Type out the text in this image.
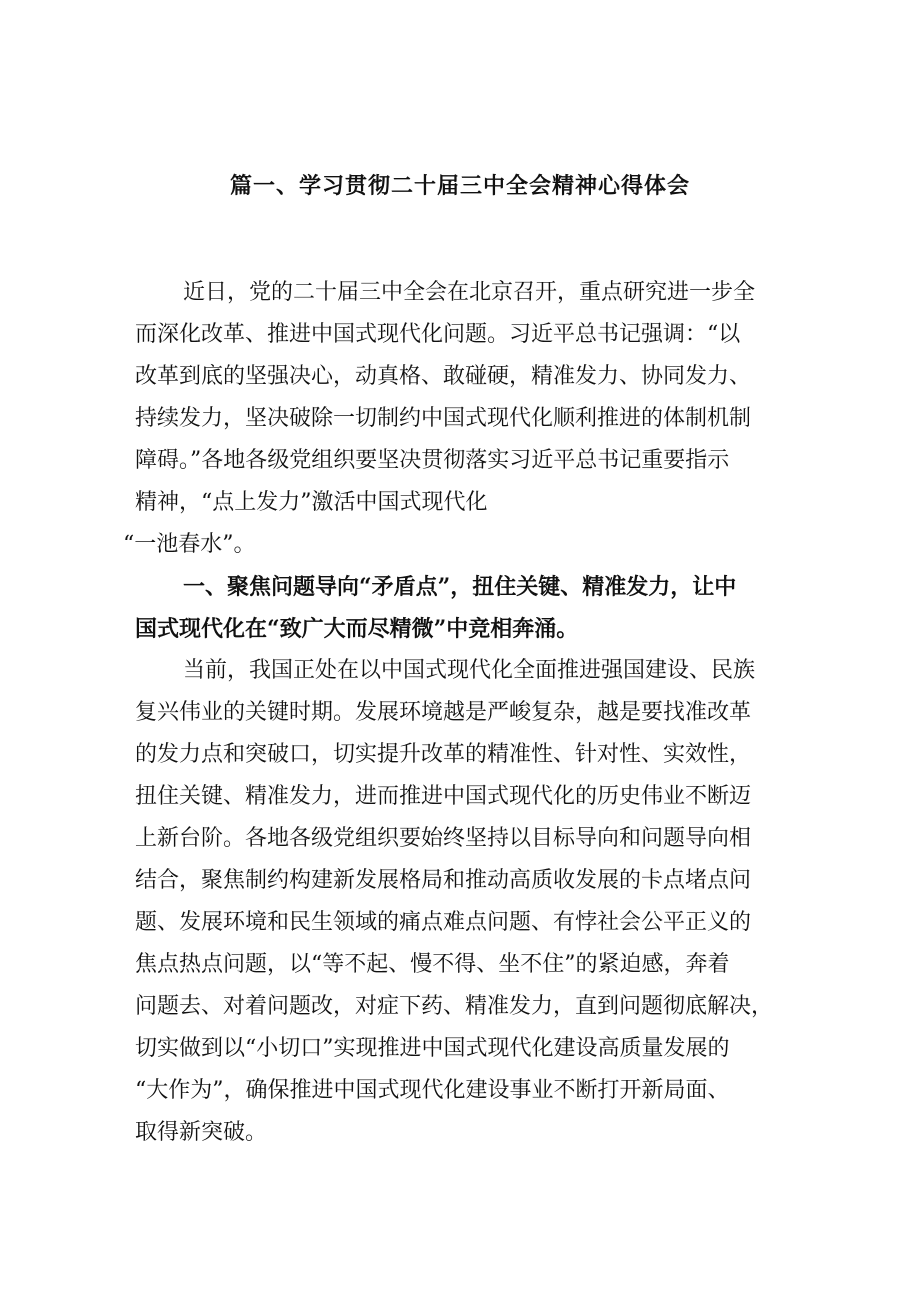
篇一、学习贯彻二十届三中全会精神心得体会
近日，党的二十届三中全会在北京召开，重点研究进一步全
而深化改革、推进中国式现代化问题。习近平总书记强调：“以
改革到底的坚强决心，动真格、敢碰硬，精准发力、协同发力、
持续发力，坚决破除一切制约中国式现代化顺利推进的体制机制
障碍。”各地各级党组织要坚决贯彻落实习近平总书记重要指示
精神，“点上发力”激活中国式现代化
“一池春水”。
一、聚焦问题导向“矛盾点”，扭住关键、精准发力，让中
国式现代化在“致广大而尽精微”中竞相奔涌。
当前，我国正处在以中国式现代化全面推进强国建设、民族
复兴伟业的关键时期。发展环境越是严峻复杂，越是要找准改革
的发力点和突破口，切实提升改革的精准性、针对性、实效性，
扭住关键、精准发力，进而推进中国式现代化的历史伟业不断迈
上新台阶。各地各级党组织要始终坚持以目标导向和问题导向相
结合，聚焦制约构建新发展格局和推动高质收发展的卡点堵点问
题、发展环境和民生领域的痛点难点问题、有悖社会公平正义的
焦点热点问题，以“等不起、慢不得、坐不住”的紧迫感，奔着
问题去、对着问题改，对症下药、精准发力，直到问题彻底解决，
切实做到以“小切口”实现推进中国式现代化建设高质量发展的
“大作为”，确保推进中国式现代化建设事业不断打开新局面、
取得新突破。
